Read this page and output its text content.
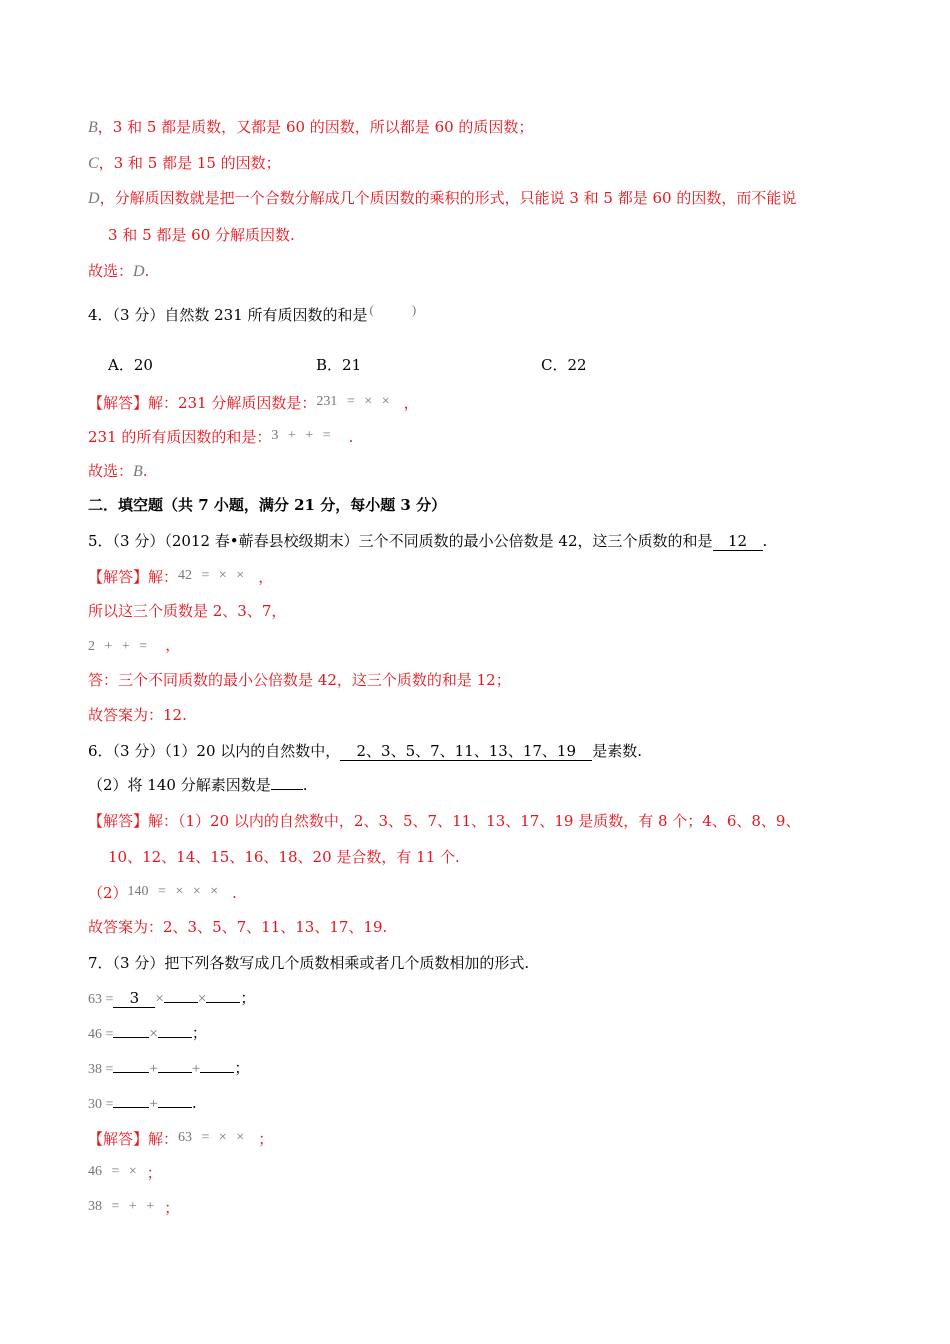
B，3 和 5 都是质数，又都是 60 的因数，所以都是 60 的质因数；
C，3 和 5 都是 15 的因数；
D，分解质因数就是把一个合数分解成几个质因数的乘积的形式，只能说 3 和 5 都是 60 的因数，而不能说
3 和 5 都是 60 分解质因数.
故选：D.
4．（3 分）自然数 231 所有质因数的和是 (	)
A．20	B．21	C．22
【解答】解：231 分解质因数是：231 = × × ，
231 的所有质因数的和是：3 + + = .
故选：B.
二．填空题（共 7 小题，满分 21 分，每小题 3 分）
5．（3 分）（2012 春•蕲春县校级期末）三个不同质数的最小公倍数是 42，这三个质数的和是 12 .
【解答】解：42 = × × ，
所以这三个质数是 2、3、7，
2 + + = ，
答：三个不同质数的最小公倍数是 42，这三个质数的和是 12；
故答案为：12.
6．（3 分）（1）20 以内的自然数中， 2、3、5、7、11、13、17、19 是素数.
（2）将 140 分解素因数是 .
【解答】解：（1）20 以内的自然数中，2、3、5、7、11、13、17、19 是质数，有 8 个；4、6、8、9、
10、12、14、15、16、18、20 是合数，有 11 个.
（2）140 = × × × .
故答案为：2、3、5、7、11、13、17、19.
7．（3 分）把下列各数写成几个质数相乘或者几个质数相加的形式.
63 = 3 × × ；
46 = × ；
38 = + + ；
30 = + .
【解答】解：63 = × × ；
46 = × ；
38 = + + ；
